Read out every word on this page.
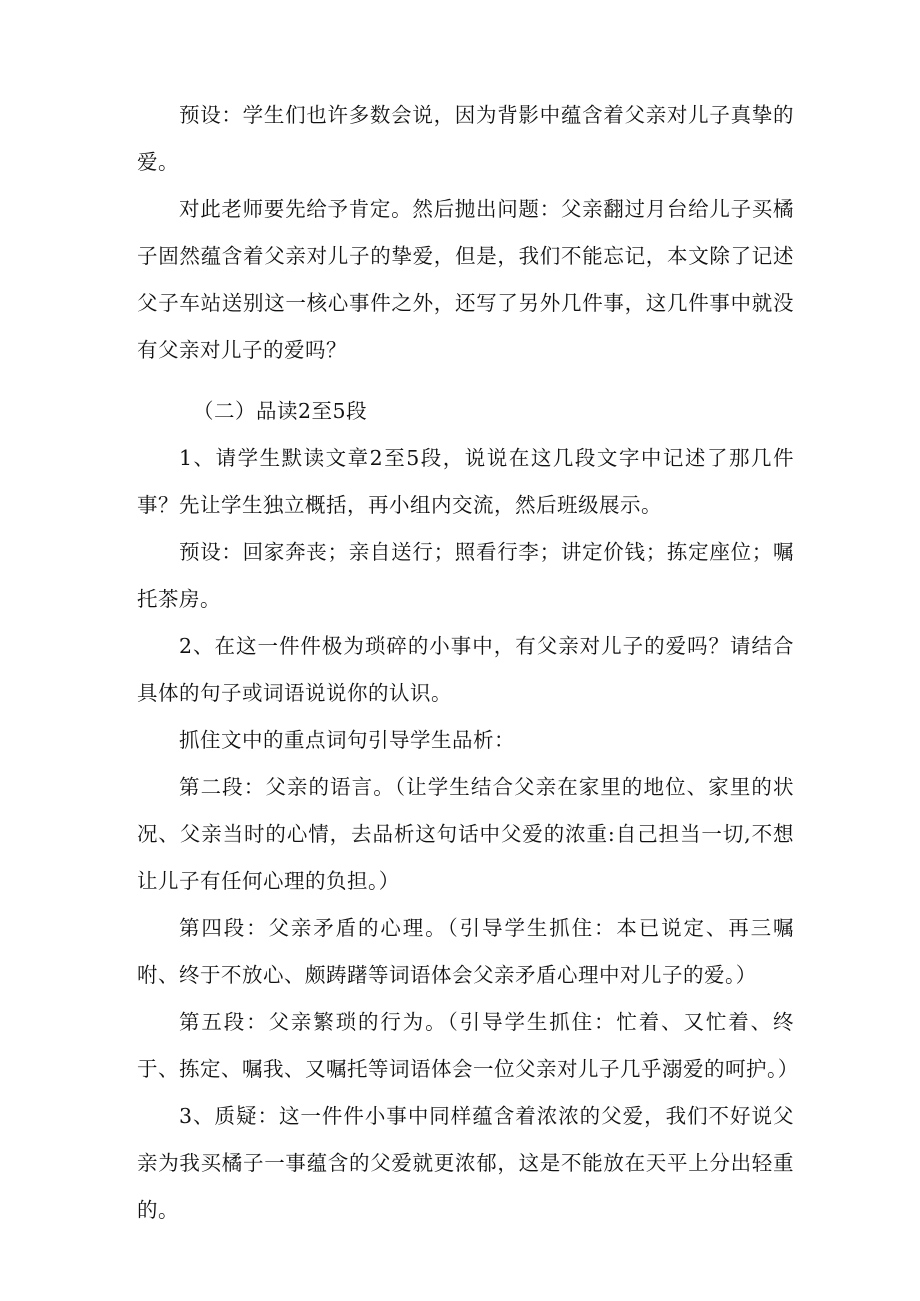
预设：学生们也许多数会说，因为背影中蕴含着父亲对儿子真挚的爱。

对此老师要先给予肯定。然后抛出问题：父亲翻过月台给儿子买橘子固然蕴含着父亲对儿子的挚爱，但是，我们不能忘记，本文除了记述父子车站送别这一核心事件之外，还写了另外几件事，这几件事中就没有父亲对儿子的爱吗？

（二）品读2至5段

1、请学生默读文章2至5段，说说在这几段文字中记述了那几件事？先让学生独立概括，再小组内交流，然后班级展示。

预设：回家奔丧；亲自送行；照看行李；讲定价钱；拣定座位；嘱托茶房。

2、在这一件件极为琐碎的小事中，有父亲对儿子的爱吗？请结合具体的句子或词语说说你的认识。

抓住文中的重点词句引导学生品析：

第二段：父亲的语言。（让学生结合父亲在家里的地位、家里的状况、父亲当时的心情，去品析这句话中父爱的浓重:自己担当一切,不想让儿子有任何心理的负担。）

第四段：父亲矛盾的心理。（引导学生抓住：本已说定、再三嘱咐、终于不放心、颇踌躇等词语体会父亲矛盾心理中对儿子的爱。）

第五段：父亲繁琐的行为。（引导学生抓住：忙着、又忙着、终于、拣定、嘱我、又嘱托等词语体会一位父亲对儿子几乎溺爱的呵护。）

3、质疑：这一件件小事中同样蕴含着浓浓的父爱，我们不好说父亲为我买橘子一事蕴含的父爱就更浓郁，这是不能放在天平上分出轻重的。
